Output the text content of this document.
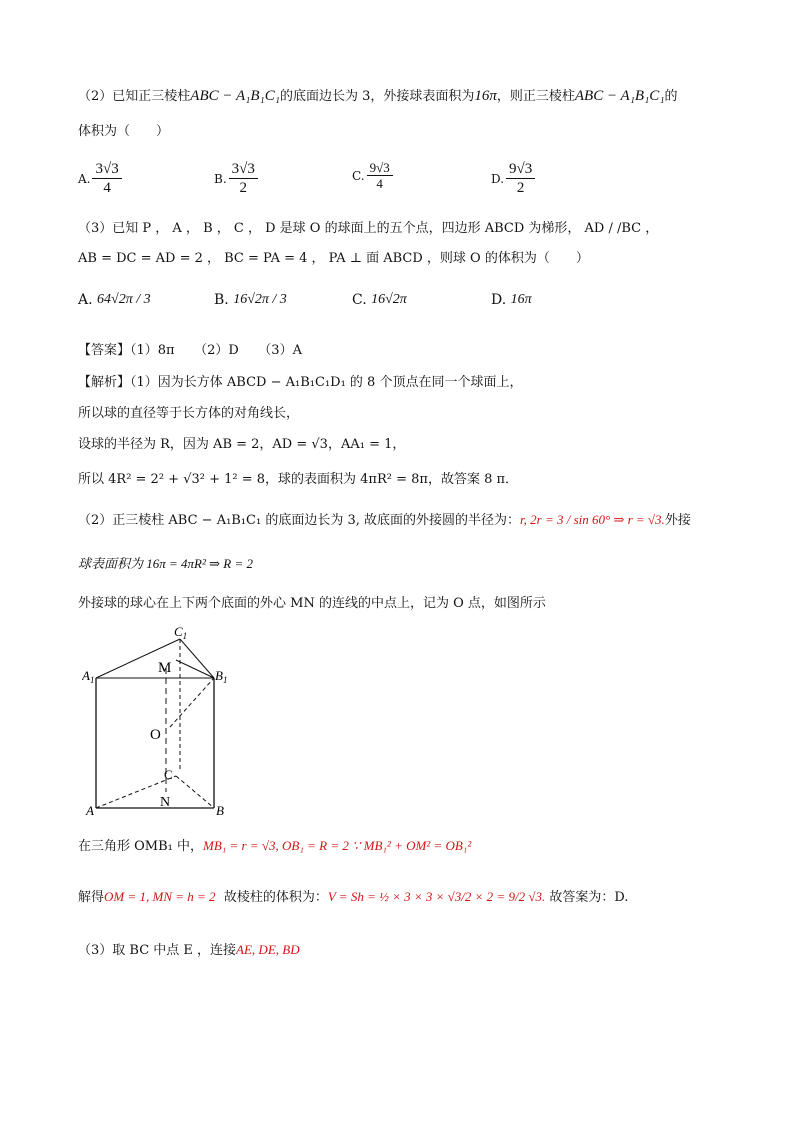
（2）已知正三棱柱ABC − A₁B₁C₁的底面边长为 3，外接球表面积为16π，则正三棱柱ABC − A₁B₁C₁的
体积为（　　）
A. $\frac{3√3}{4}$	B. $\frac{3√3}{2}$	C. $\frac{9√3}{4}$	D. $\frac{9√3}{2}$
（3）已知 P ， A ， B ， C ， D 是球 O 的球面上的五个点，四边形 ABCD 为梯形， AD / /BC ，
AB = DC = AD = 2 ， BC = PA = 4 ， PA ⊥ 面 ABCD ，则球 O 的体积为（　　）
A.
64√2π / 3	B.
16√2π / 3	C.
16√2π	D.
16π
【答案】（1）8π　　（2）D　　（3）A
【解析】（1）因为长方体 ABCD − A₁B₁C₁D₁ 的 8 个顶点在同一个球面上，
所以球的直径等于长方体的对角线长，
设球的半径为 R，因为 AB = 2，AD = √3，AA₁ = 1，
所以 4R² = 2² + √3² + 1² = 8，球的表面积为 4πR² = 8π，故答案 8 π．
（2）正三棱柱 ABC − A₁B₁C₁ 的底面边长为 3, 故底面的外接圆的半径为：r, 2r = 3 / sin 60° ⇒ r = √3.外接
球表面积为 16π = 4πR² ⇒ R = 2
外接球的球心在上下两个底面的外心 MN 的连线的中点上，记为 O 点，如图所示
$C_1$
$A_1$	$B_1$
M
O
C
N
A	B
在三角形 OMB₁ 中，MB₁ = r = √3, OB₁ = R = 2 ∵ MB₁² + OM² = OB₁²
解得OM = 1, MN = h = 2 故棱柱的体积为：V = Sh = ½ × 3 × 3 × √3/2 × 2 = 9/2 √3. 故答案为：D.
（3）取 BC 中点 E ，连接AE, DE, BD
